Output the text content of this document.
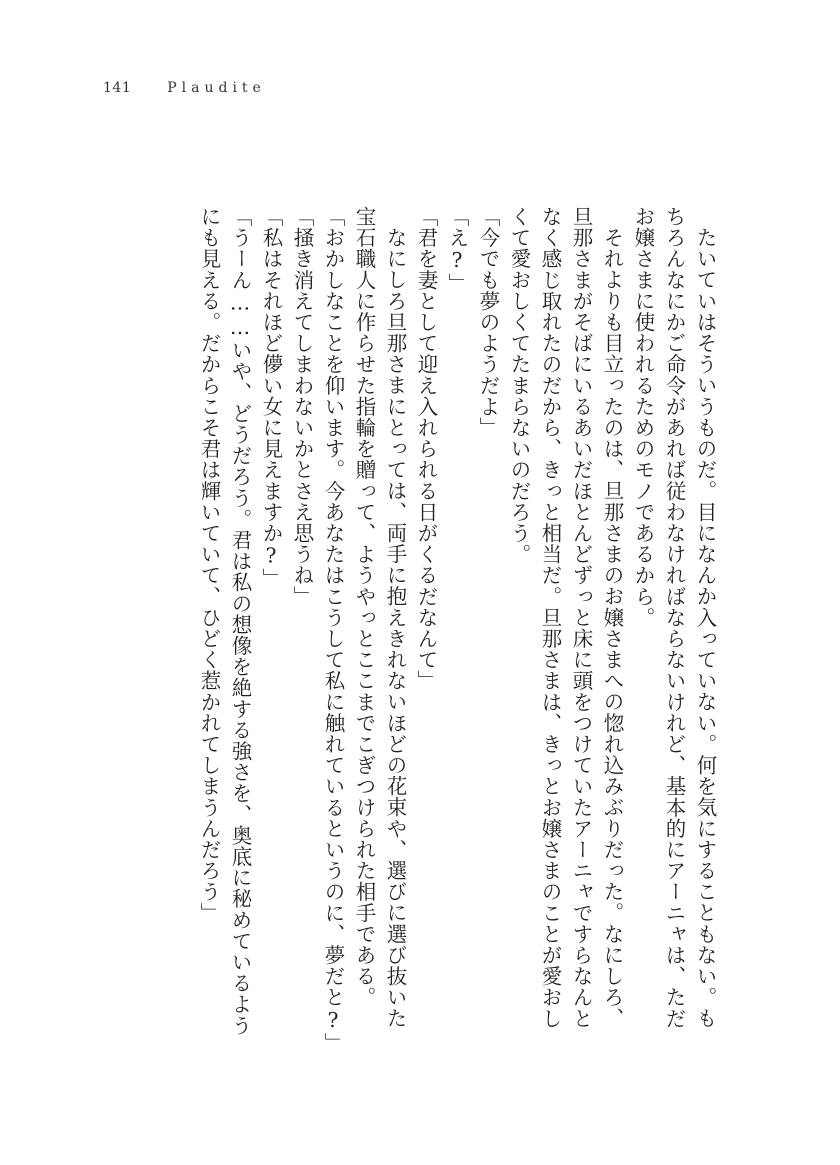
141	Plaudite

たいていはそういうものだ。目になんか入っていない。何を気にすることもない。もちろんなにかご命令があれば従わなければならないけれど、基本的にアーニャは、ただお嬢さまに使われるためのモノであるから。

それよりも目立ったのは、旦那さまのお嬢さまへの惚れ込みぶりだった。なにしろ、旦那さまがそばにいるあいだほとんどずっと床に頭をつけていたアーニャですらなんとなく感じ取れたのだから、きっと相当だ。旦那さまは、きっとお嬢さまのことが愛おしくて愛おしくてたまらないのだろう。

「今でも夢のようだよ」

「え?」

「君を妻として迎え入れられる日がくるだなんて」

なにしろ旦那さまにとっては、両手に抱えきれないほどの花束や、選びに選び抜いた宝石職人に作らせた指輪を贈って、ようやっとここまでこぎつけられた相手である。

「おかしなことを仰います。今あなたはこうして私に触れているというのに、夢だと?」

「掻き消えてしまわないかとさえ思うね」

「私はそれほど儚い女に見えますか?」

「うーん……いや、どうだろう。君は私の想像を絶する強さを、奥底に秘めているようにも見える。だからこそ君は輝いていて、ひどく惹かれてしまうんだろう」
